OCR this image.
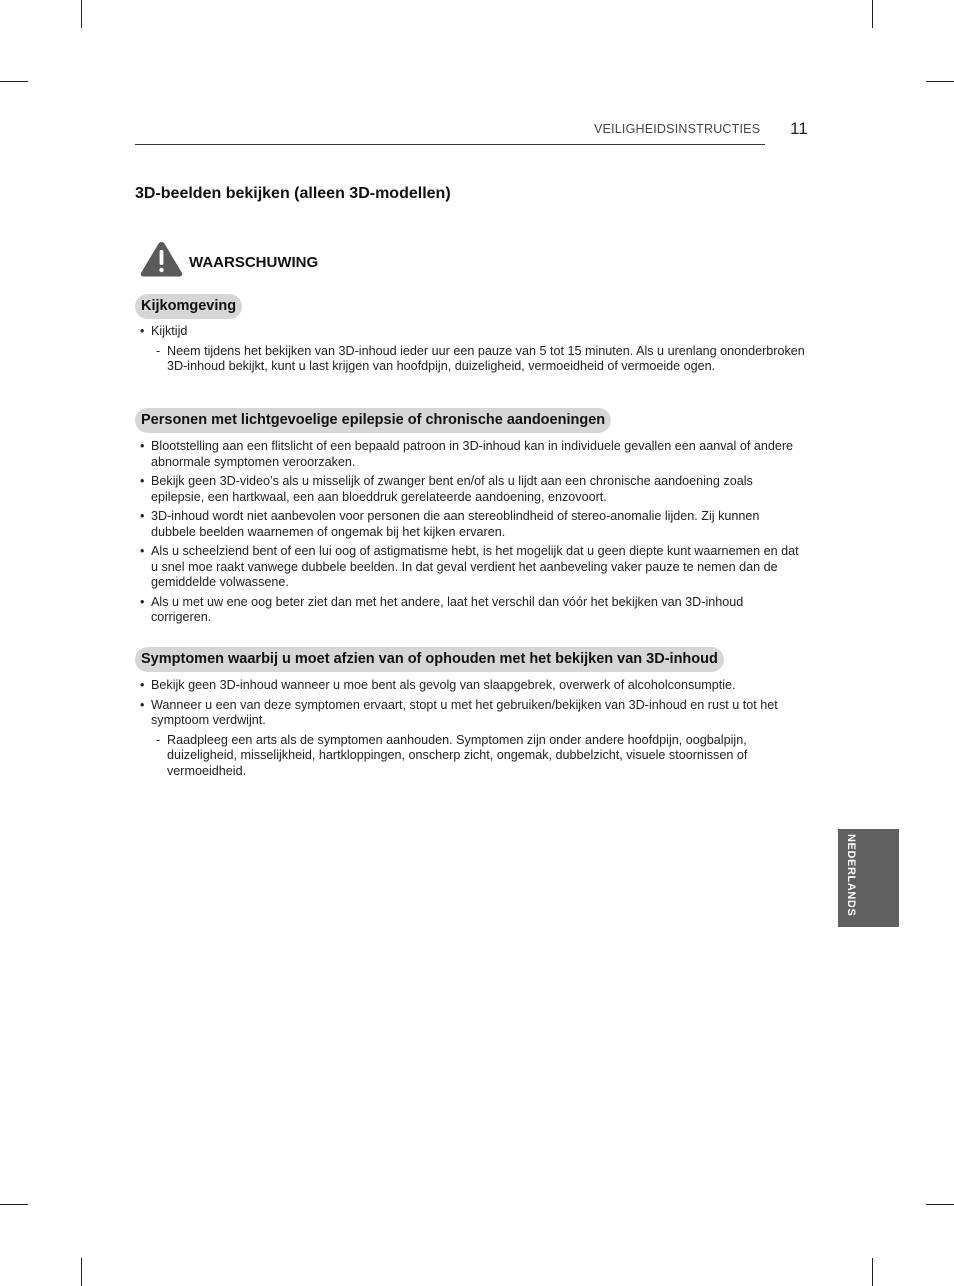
VEILIGHEIDSINSTRUCTIES 11
3D-beelden bekijken (alleen 3D-modellen)
WAARSCHUWING
Kijkomgeving
• Kijktijd
- Neem tijdens het bekijken van 3D-inhoud ieder uur een pauze van 5 tot 15 minuten. Als u urenlang ononderbroken 3D-inhoud bekijkt, kunt u last krijgen van hoofdpijn, duizeligheid, vermoeidheid of vermoeide ogen.
Personen met lichtgevoelige epilepsie of chronische aandoeningen
• Blootstelling aan een flitslicht of een bepaald patroon in 3D-inhoud kan in individuele gevallen een aanval of andere abnormale symptomen veroorzaken.
• Bekijk geen 3D-video’s als u misselijk of zwanger bent en/of als u lijdt aan een chronische aandoening zoals epilepsie, een hartkwaal, een aan bloeddruk gerelateerde aandoening, enzovoort.
• 3D-inhoud wordt niet aanbevolen voor personen die aan stereoblindheid of stereo-anomalie lijden. Zij kunnen dubbele beelden waarnemen of ongemak bij het kijken ervaren.
• Als u scheelziend bent of een lui oog of astigmatisme hebt, is het mogelijk dat u geen diepte kunt waarnemen en dat u snel moe raakt vanwege dubbele beelden. In dat geval verdient het aanbeveling vaker pauze te nemen dan de gemiddelde volwassene.
• Als u met uw ene oog beter ziet dan met het andere, laat het verschil dan vóór het bekijken van 3D-inhoud corrigeren.
Symptomen waarbij u moet afzien van of ophouden met het bekijken van 3D-inhoud
• Bekijk geen 3D-inhoud wanneer u moe bent als gevolg van slaapgebrek, overwerk of alcoholconsumptie.
• Wanneer u een van deze symptomen ervaart, stopt u met het gebruiken/bekijken van 3D-inhoud en rust u tot het symptoom verdwijnt.
- Raadpleeg een arts als de symptomen aanhouden. Symptomen zijn onder andere hoofdpijn, oogbalpijn, duizeligheid, misselijkheid, hartkloppingen, onscherp zicht, ongemak, dubbelzicht, visuele stoornissen of vermoeidheid.
NEDERLANDS
